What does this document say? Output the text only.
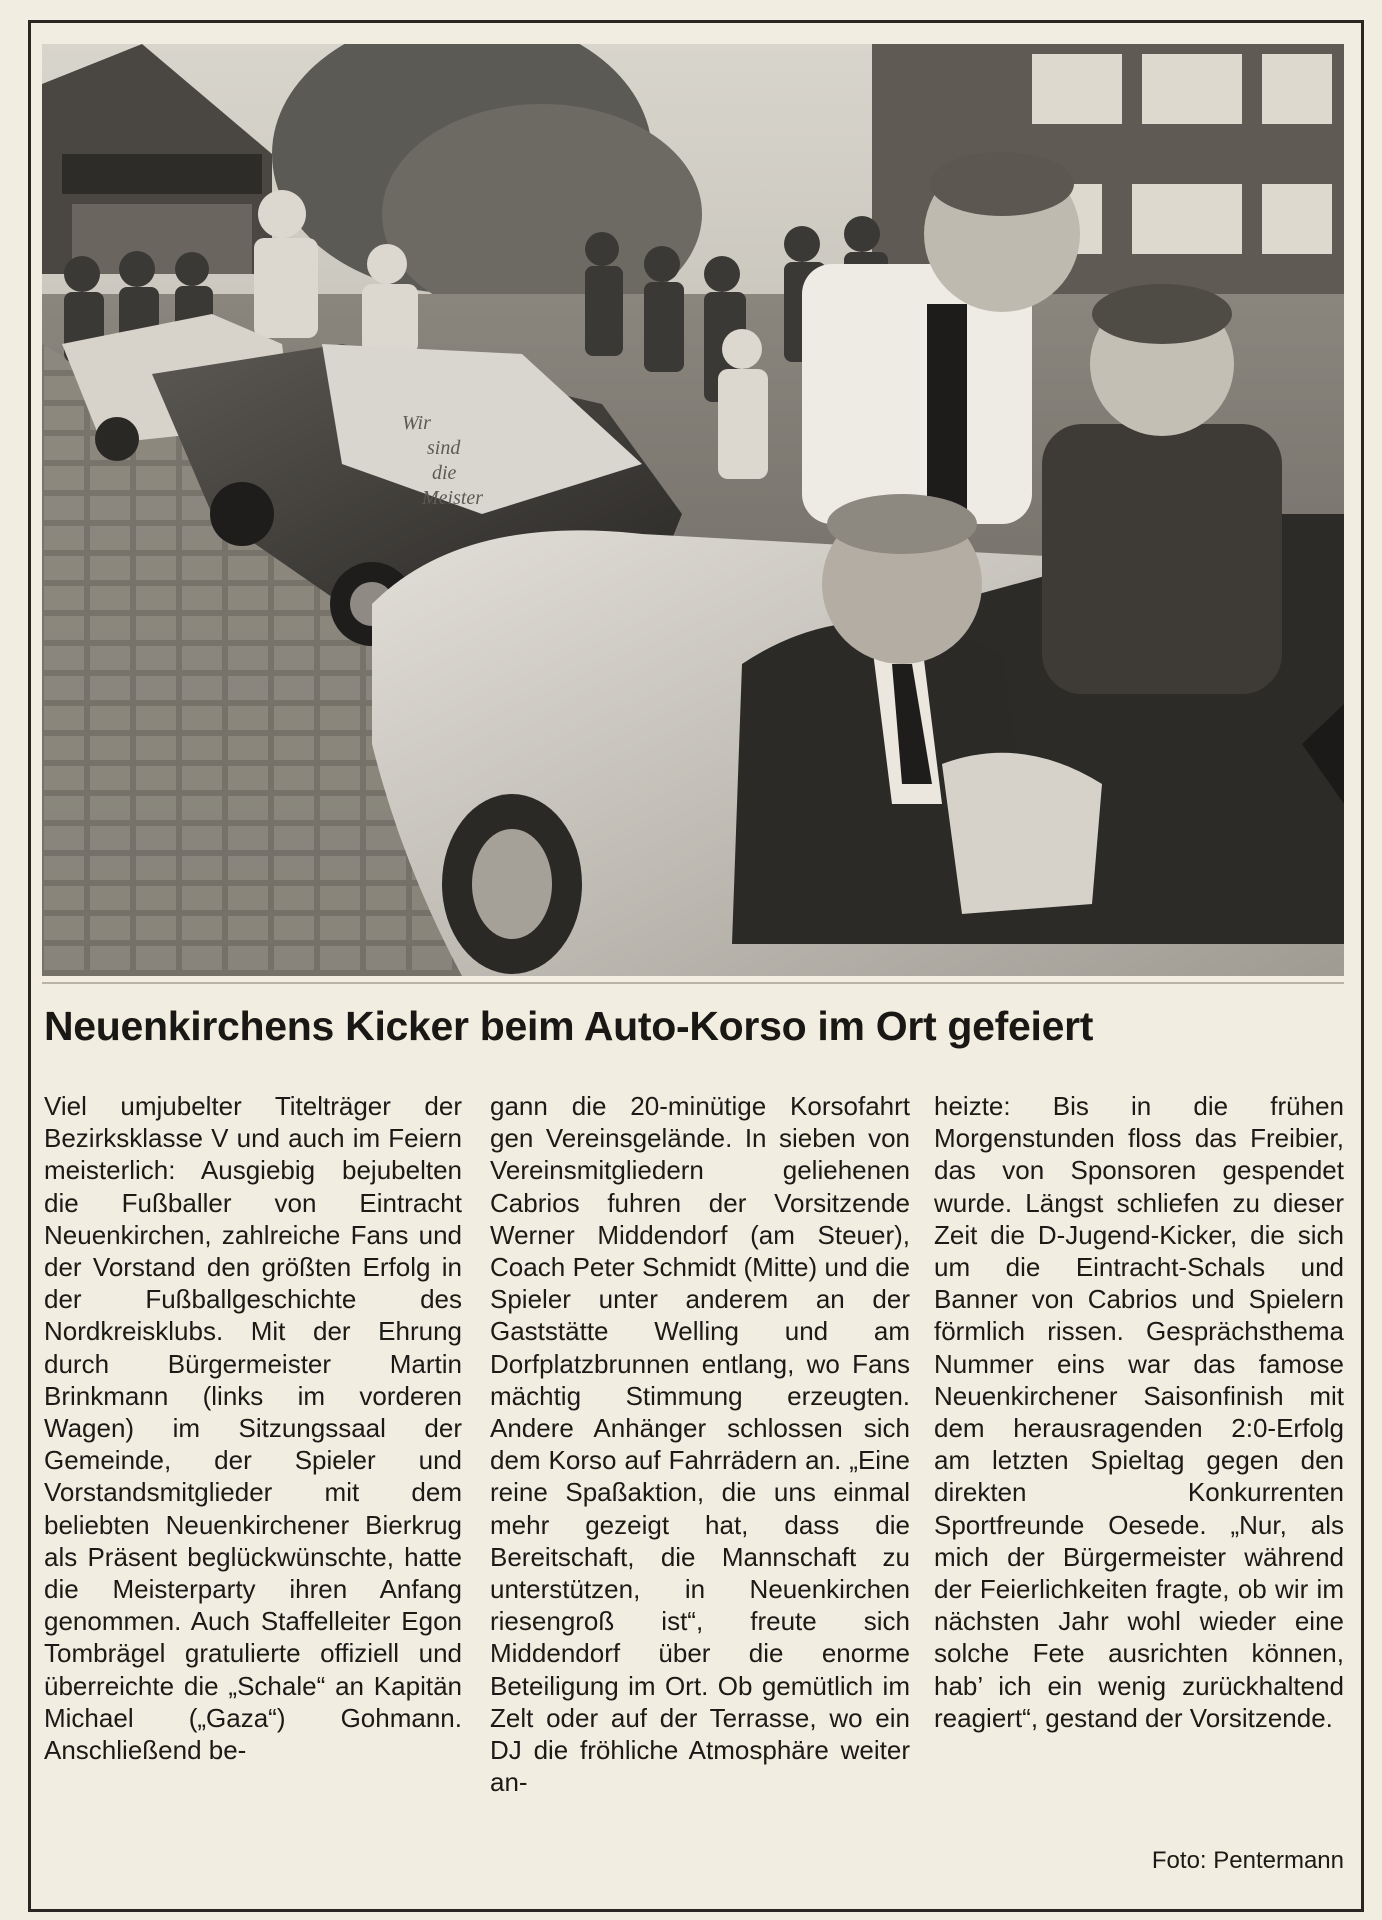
Wir
sind
die
Meister
Neuenkirchens Kicker beim Auto-Korso im Ort gefeiert

Viel umjubelter Titelträger der Bezirksklasse V und auch im Feiern meisterlich: Ausgiebig bejubelten die Fußballer von Eintracht Neuenkirchen, zahlreiche Fans und der Vorstand den größten Erfolg in der Fußballgeschichte des Nordkreisklubs. Mit der Ehrung durch Bürgermeister Martin Brinkmann (links im vorderen Wagen) im Sitzungssaal der Gemeinde, der Spieler und Vorstandsmitglieder mit dem beliebten Neuenkirchener Bierkrug als Präsent beglückwünschte, hatte die Meisterparty ihren Anfang genommen. Auch Staffelleiter Egon Tombrägel gratulierte offiziell und überreichte die „Schale“ an Kapitän Michael („Gaza“) Gohmann. Anschließend be-

gann die 20-minütige Korsofahrt gen Vereinsgelände. In sieben von Vereinsmitgliedern geliehenen Cabrios fuhren der Vorsitzende Werner Middendorf (am Steuer), Coach Peter Schmidt (Mitte) und die Spieler unter anderem an der Gaststätte Welling und am Dorfplatzbrunnen entlang, wo Fans mächtig Stimmung erzeugten. Andere Anhänger schlossen sich dem Korso auf Fahrrädern an. „Eine reine Spaßaktion, die uns einmal mehr gezeigt hat, dass die Bereitschaft, die Mannschaft zu unterstützen, in Neuenkirchen riesengroß ist“, freute sich Middendorf über die enorme Beteiligung im Ort. Ob gemütlich im Zelt oder auf der Terrasse, wo ein DJ die fröhliche Atmosphäre weiter an-

heizte: Bis in die frühen Morgenstunden floss das Freibier, das von Sponsoren gespendet wurde. Längst schliefen zu dieser Zeit die D-Jugend-Kicker, die sich um die Eintracht-Schals und Banner von Cabrios und Spielern förmlich rissen. Gesprächsthema Nummer eins war das famose Neuenkirchener Saisonfinish mit dem herausragenden 2:0-Erfolg am letzten Spieltag gegen den direkten Konkurrenten Sportfreunde Oesede. „Nur, als mich der Bürgermeister während der Feierlichkeiten fragte, ob wir im nächsten Jahr wohl wieder eine solche Fete ausrichten können, hab’ ich ein wenig zurückhaltend reagiert“, gestand der Vorsitzende.

Foto: Pentermann
